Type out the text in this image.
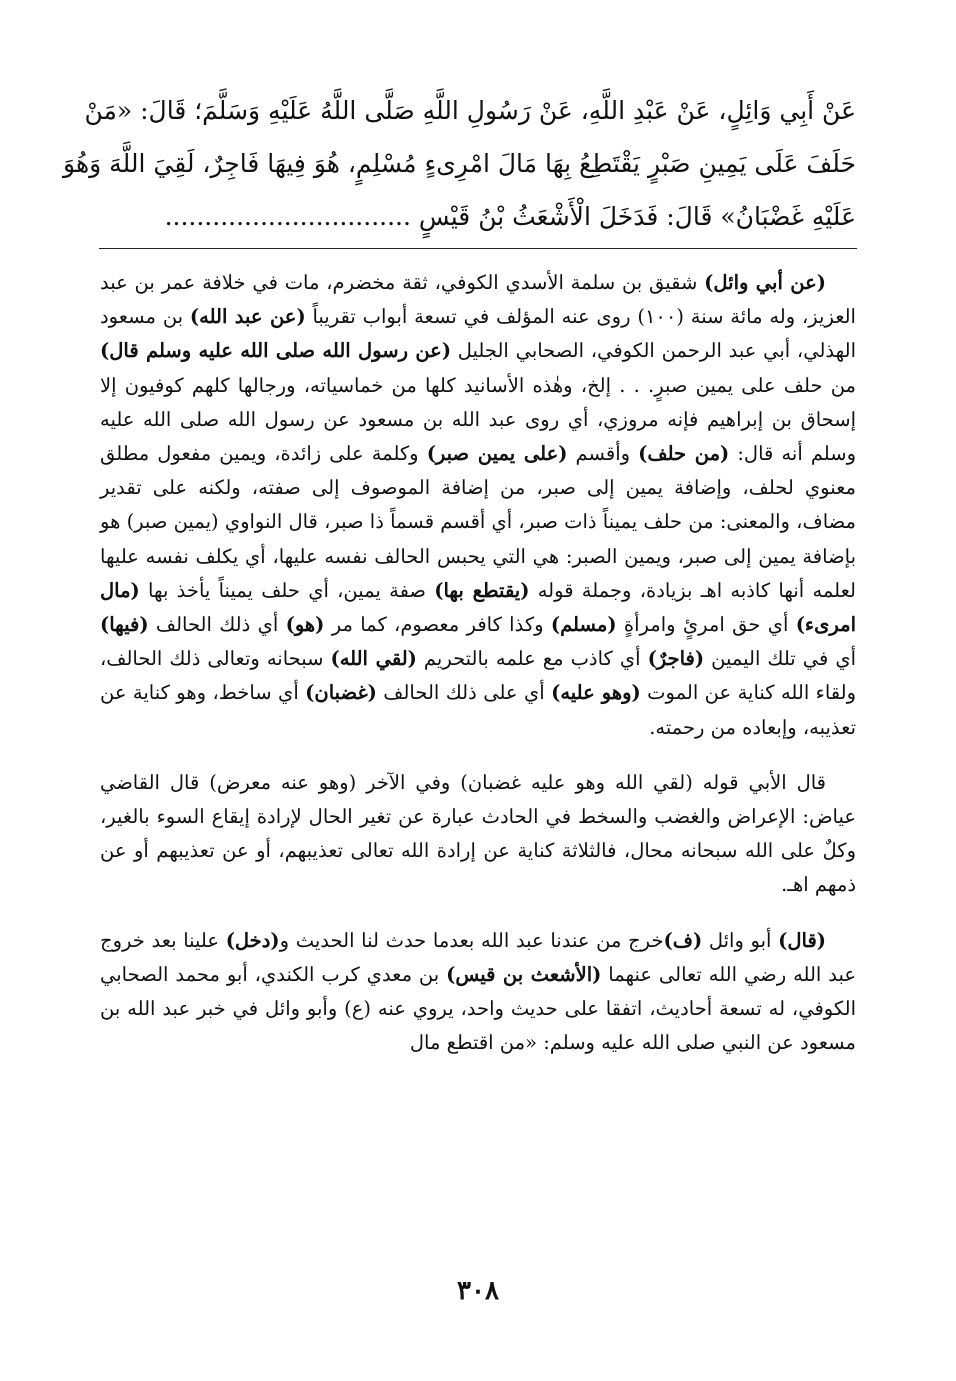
عَنْ أَبِي وَائِلٍ، عَنْ عَبْدِ اللَّهِ، عَنْ رَسُولِ اللَّهِ صَلَّى اللَّهُ عَلَيْهِ وَسَلَّمَ؛ قَالَ: «مَنْ
حَلَفَ عَلَى يَمِينِ صَبْرٍ يَقْتَطِعُ بِهَا مَالَ امْرِىءٍ مُسْلِمٍ، هُوَ فِيهَا فَاجِرٌ، لَقِيَ اللَّهَ وَهُوَ
عَلَيْهِ غَضْبَانُ» قَالَ: فَدَخَلَ الْأَشْعَثُ بْنُ قَيْسٍ ...............................

(عن أبي وائل) شقيق بن سلمة الأسدي الكوفي، ثقة مخضرم، مات في خلافة عمر بن عبد العزيز، وله مائة سنة (١٠٠) روى عنه المؤلف في تسعة أبواب تقريباً (عن عبد الله) بن مسعود الهذلي، أبي عبد الرحمن الكوفي، الصحابي الجليل (عن رسول الله صلى الله عليه وسلم قال) من حلف على يمين صبرٍ. . . إلخ، وهٰذه الأسانيد كلها من خماسياته، ورجالها كلهم كوفيون إلا إسحاق بن إبراهيم فإنه مروزي، أي روى عبد الله بن مسعود عن رسول الله صلى الله عليه وسلم أنه قال: (من حلف) وأقسم (على يمين صبر) وكلمة على زائدة، ويمين مفعول مطلق معنوي لحلف، وإضافة يمين إلى صبر، من إضافة الموصوف إلى صفته، ولكنه على تقدير مضاف، والمعنى: من حلف يميناً ذات صبر، أي أقسم قسماً ذا صبر، قال النواوي (يمين صبر) هو بإضافة يمين إلى صبر، ويمين الصبر: هي التي يحبس الحالف نفسه عليها، أي يكلف نفسه عليها لعلمه أنها كاذبه اهـ بزيادة، وجملة قوله (يقتطع بها) صفة يمين، أي حلف يميناً يأخذ بها (مال امرىء) أي حق امرئٍ وامرأةٍ (مسلم) وكذا كافر معصوم، كما مر (هو) أي ذلك الحالف (فيها) أي في تلك اليمين (فاجرٌ) أي كاذب مع علمه بالتحريم (لقي الله) سبحانه وتعالى ذلك الحالف، ولقاء الله كناية عن الموت (وهو عليه) أي على ذلك الحالف (غضبان) أي ساخط، وهو كناية عن تعذيبه، وإبعاده من رحمته.

قال الأبي قوله (لقي الله وهو عليه غضبان) وفي الآخر (وهو عنه معرض) قال القاضي عياض: الإعراض والغضب والسخط في الحادث عبارة عن تغير الحال لإرادة إيقاع السوء بالغير، وكلٌ على الله سبحانه محال، فالثلاثة كناية عن إرادة الله تعالى تعذيبهم، أو عن تعذيبهم أو عن ذمهم اهـ.

(قال) أبو وائل (ف)خرج من عندنا عبد الله بعدما حدث لنا الحديث و(دخل) علينا بعد خروج عبد الله رضي الله تعالى عنهما (الأشعث بن قيس) بن معدي كرب الكندي، أبو محمد الصحابي الكوفي، له تسعة أحاديث، اتفقا على حديث واحد، يروي عنه (ع) وأبو وائل في خبر عبد الله بن مسعود عن النبي صلى الله عليه وسلم: «من اقتطع مال

٣٠٨
